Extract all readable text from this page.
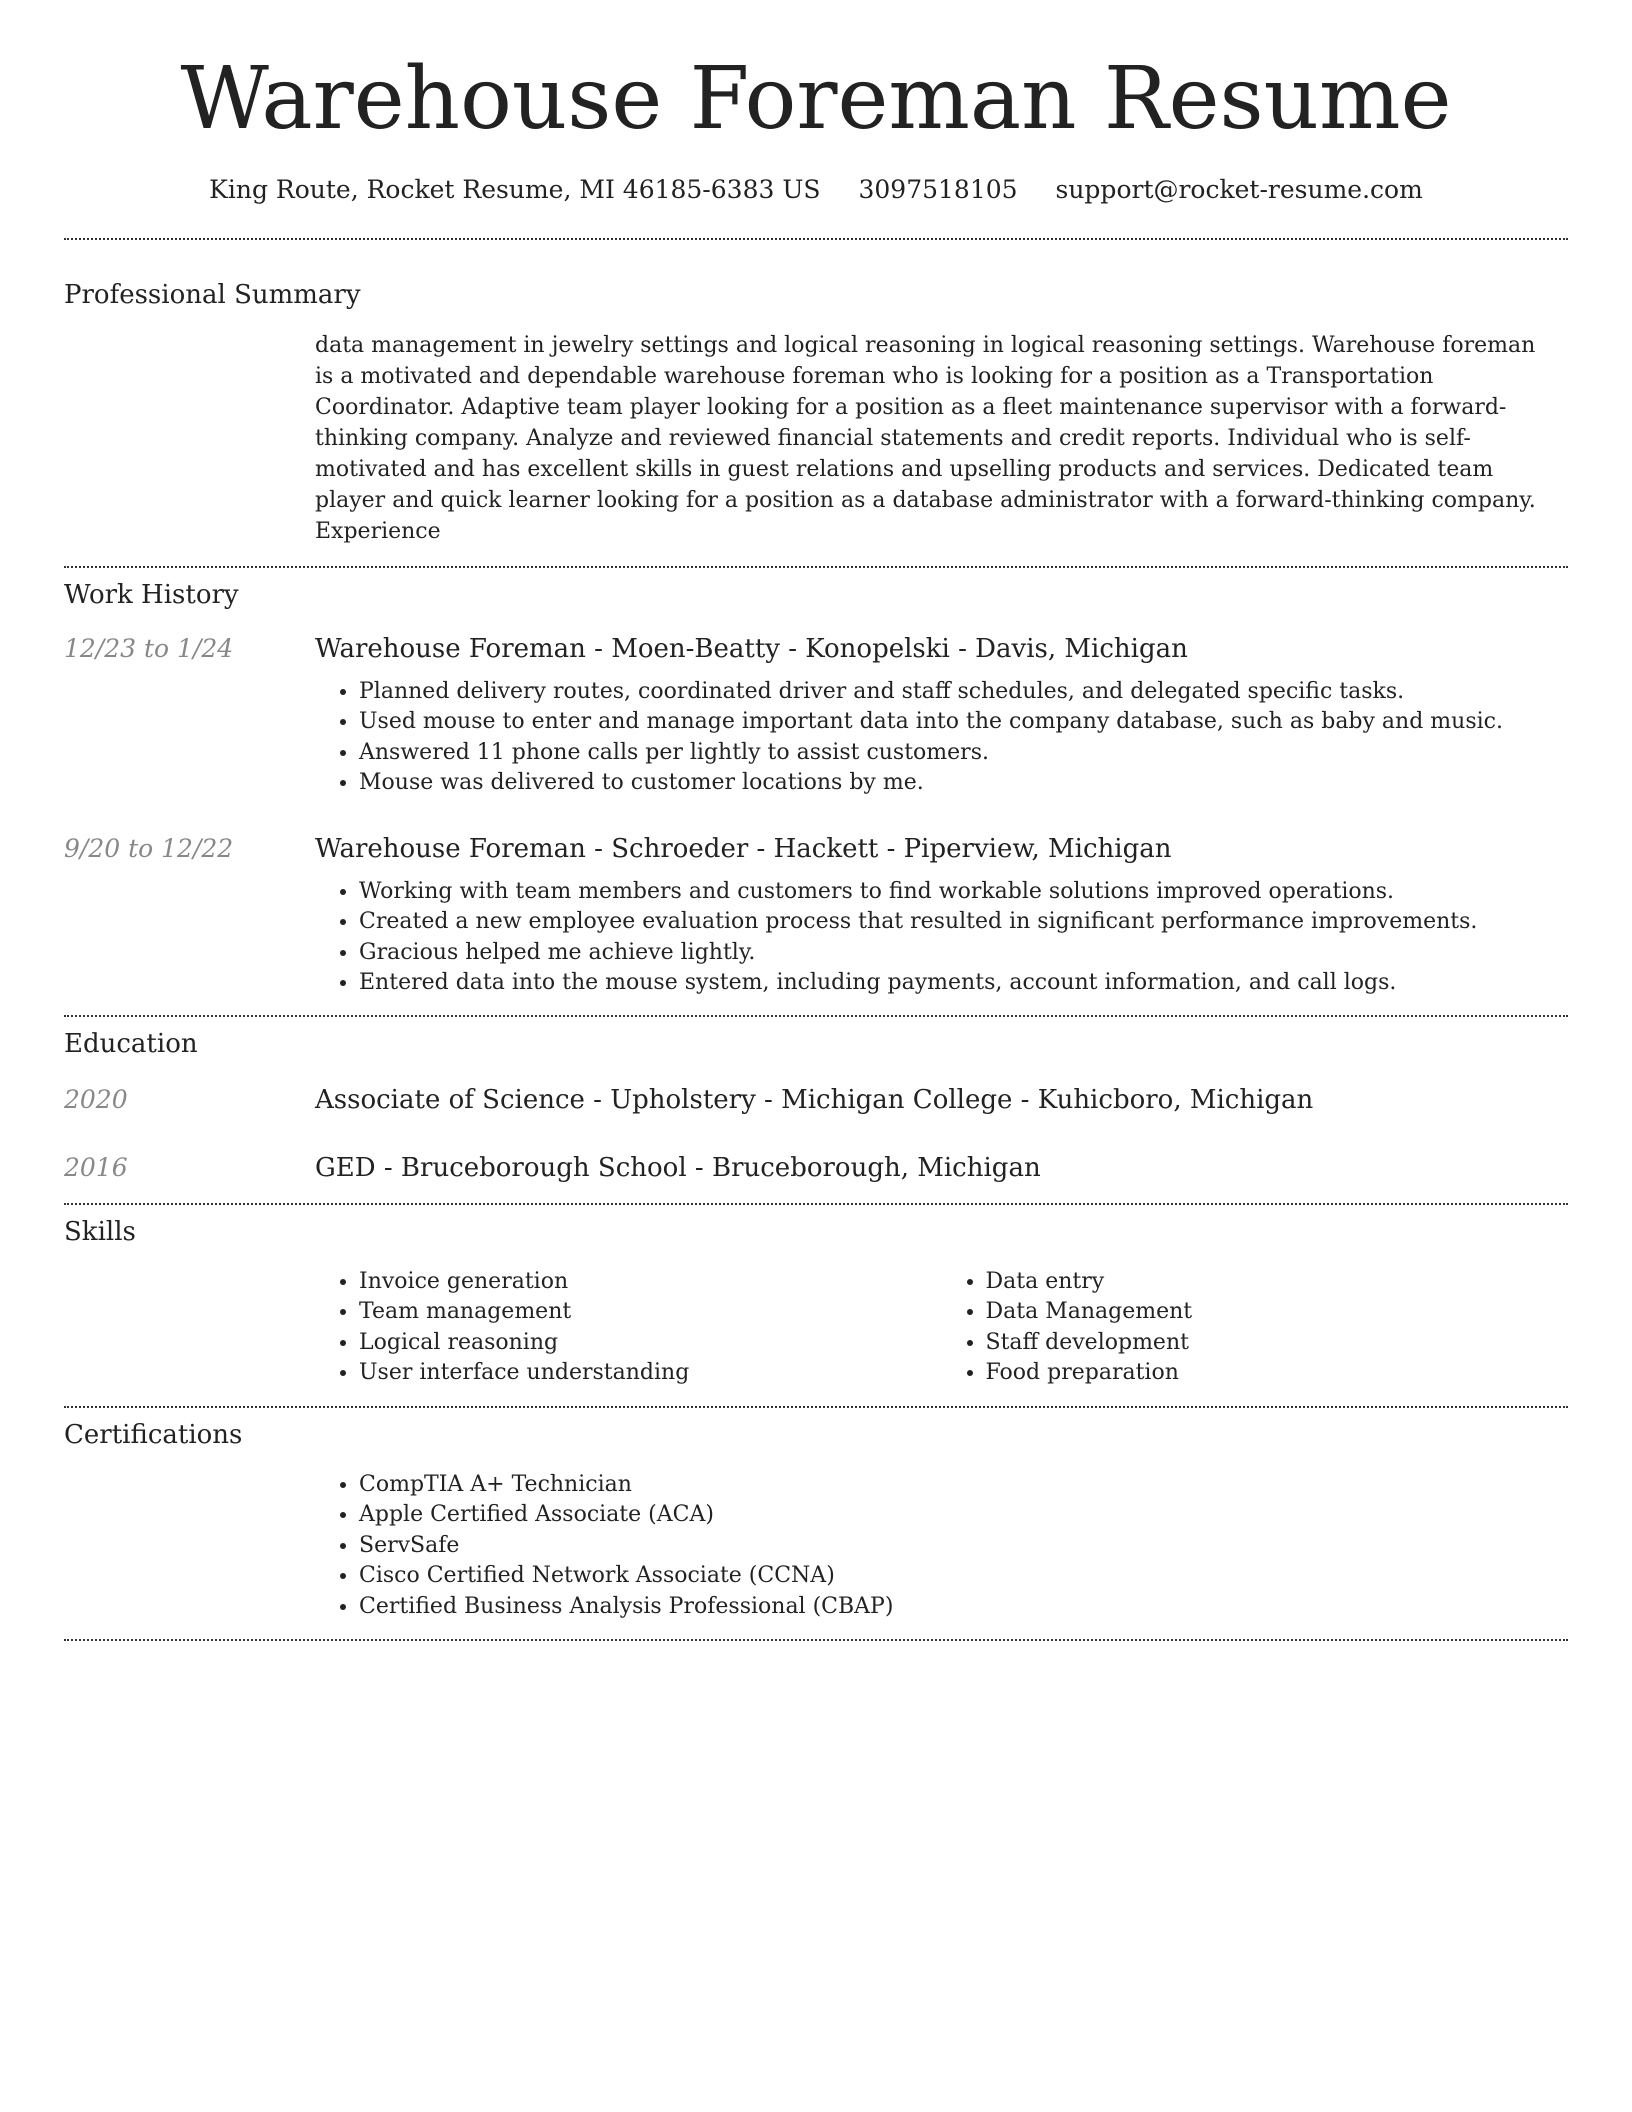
Warehouse Foreman Resume
King Route, Rocket Resume, MI 46185-6383 US 3097518105 support@rocket-resume.com
Professional Summary

data management in jewelry settings and logical reasoning in logical reasoning settings. Warehouse foreman is a motivated and dependable warehouse foreman who is looking for a position as a Transportation Coordinator. Adaptive team player looking for a position as a fleet maintenance supervisor with a forward-thinking company. Analyze and reviewed financial statements and credit reports. Individual who is self-motivated and has excellent skills in guest relations and upselling products and services. Dedicated team player and quick learner looking for a position as a database administrator with a forward-thinking company. Experience

Work History
12/23 to 1/24	Warehouse Foreman - Moen-Beatty - Konopelski - Davis, Michigan
• Planned delivery routes, coordinated driver and staff schedules, and delegated specific tasks.
• Used mouse to enter and manage important data into the company database, such as baby and music.
• Answered 11 phone calls per lightly to assist customers.
• Mouse was delivered to customer locations by me.
9/20 to 12/22	Warehouse Foreman - Schroeder - Hackett - Piperview, Michigan
• Working with team members and customers to find workable solutions improved operations.
• Created a new employee evaluation process that resulted in significant performance improvements.
• Gracious helped me achieve lightly.
• Entered data into the mouse system, including payments, account information, and call logs.
Education
2020	Associate of Science - Upholstery - Michigan College - Kuhicboro, Michigan
2016	GED - Bruceborough School - Bruceborough, Michigan
Skills
• Invoice generation
• Team management
• Logical reasoning
• User interface understanding
• Data entry
• Data Management
• Staff development
• Food preparation
Certifications
• CompTIA A+ Technician
• Apple Certified Associate (ACA)
• ServSafe
• Cisco Certified Network Associate (CCNA)
• Certified Business Analysis Professional (CBAP)
